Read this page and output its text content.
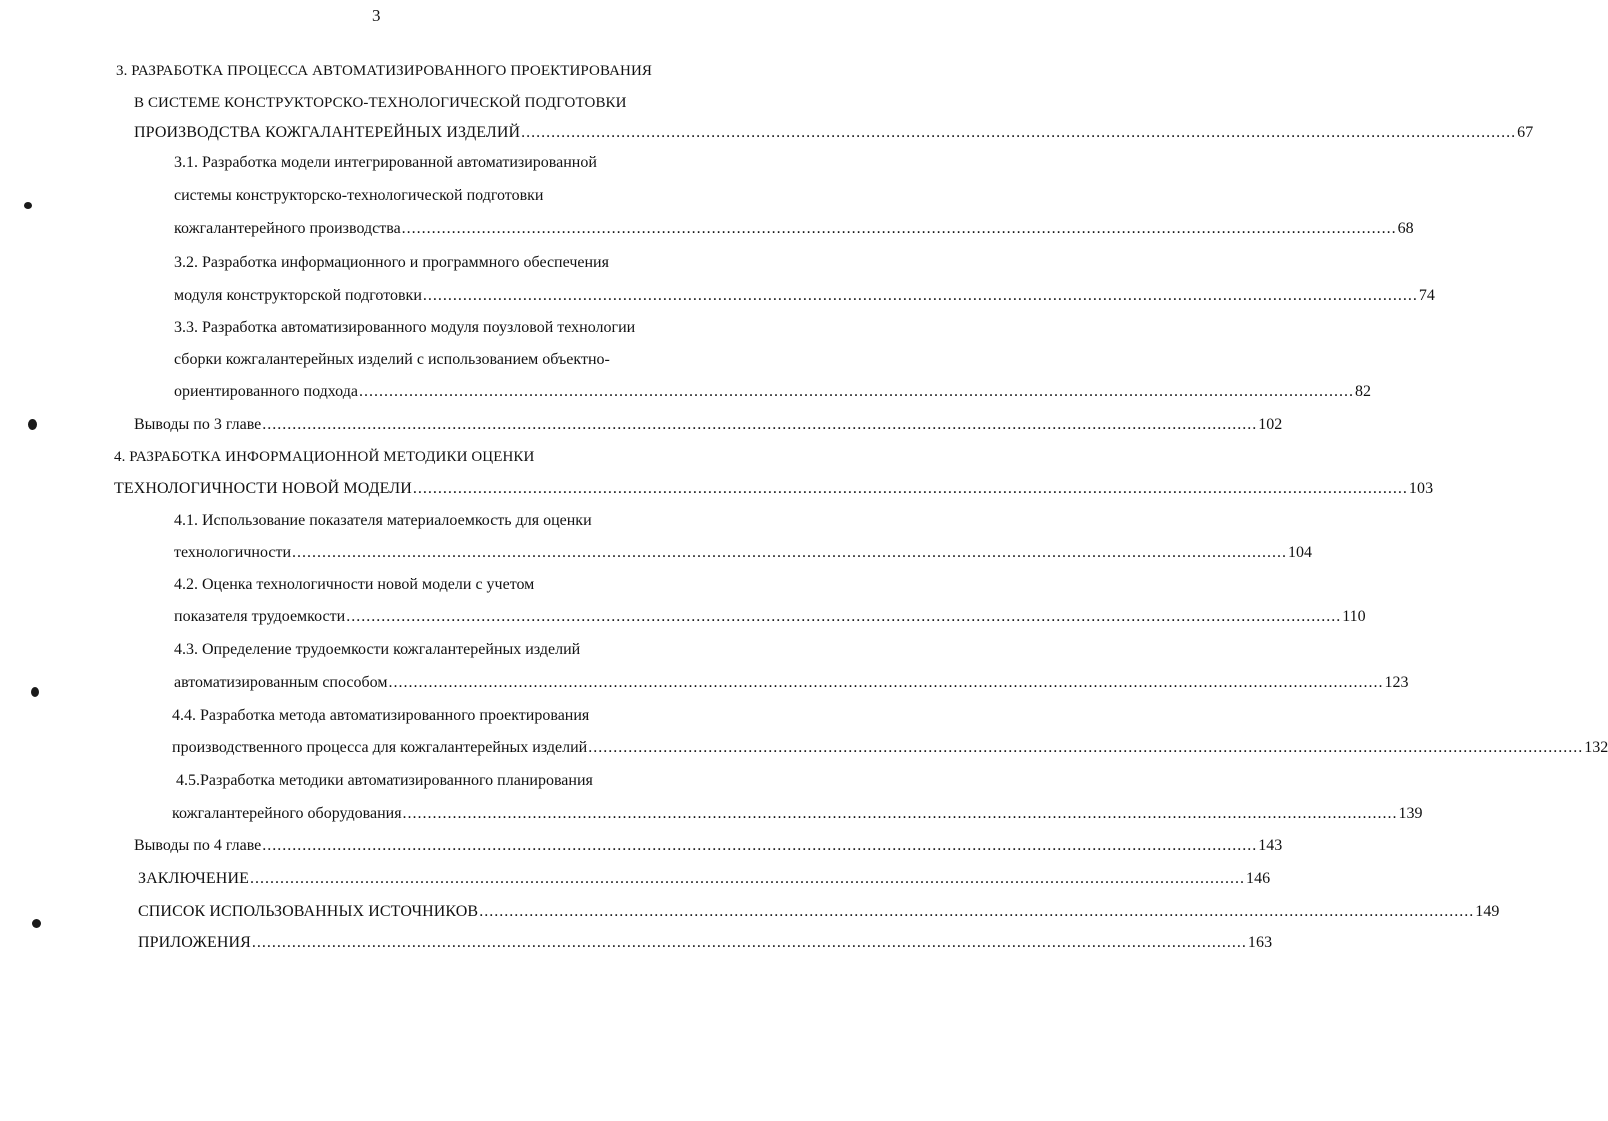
3
3. РАЗРАБОТКА ПРОЦЕССА АВТОМАТИЗИРОВАННОГО ПРОЕКТИРОВАНИЯ
В СИСТЕМЕ КОНСТРУКТОРСКО-ТЕХНОЛОГИЧЕСКОЙ ПОДГОТОВКИ
ПРОИЗВОДСТВА КОЖГАЛАНТЕРЕЙНЫХ ИЗДЕЛИЙ ....................................................................................................................................................................................................... 67
3.1. Разработка модели интегрированной автоматизированной
системы конструкторско-технологической подготовки
кожгалантерейного производства ....................................................................................................................................................................................................... 68
3.2. Разработка информационного и программного обеспечения
модуля конструкторской подготовки ....................................................................................................................................................................................................... 74
3.3. Разработка автоматизированного модуля поузловой технологии
сборки кожгалантерейных изделий с использованием объектно-
ориентированного подхода ....................................................................................................................................................................................................... 82
Выводы по 3 главе ....................................................................................................................................................................................................... 102
4. РАЗРАБОТКА ИНФОРМАЦИОННОЙ МЕТОДИКИ ОЦЕНКИ
ТЕХНОЛОГИЧНОСТИ НОВОЙ МОДЕЛИ ....................................................................................................................................................................................................... 103
4.1. Использование показателя материалоемкость для оценки
технологичности ....................................................................................................................................................................................................... 104
4.2. Оценка технологичности новой модели с учетом
показателя трудоемкости ....................................................................................................................................................................................................... 110
4.3. Определение трудоемкости кожгалантерейных изделий
автоматизированным способом ....................................................................................................................................................................................................... 123
4.4. Разработка метода автоматизированного проектирования
производственного процесса для кожгалантерейных изделий ....................................................................................................................................................................................................... 132
4.5.Разработка методики автоматизированного планирования
кожгалантерейного оборудования ....................................................................................................................................................................................................... 139
Выводы по 4 главе ....................................................................................................................................................................................................... 143
ЗАКЛЮЧЕНИЕ ....................................................................................................................................................................................................... 146
СПИСОК ИСПОЛЬЗОВАННЫХ ИСТОЧНИКОВ ....................................................................................................................................................................................................... 149
ПРИЛОЖЕНИЯ ....................................................................................................................................................................................................... 163
